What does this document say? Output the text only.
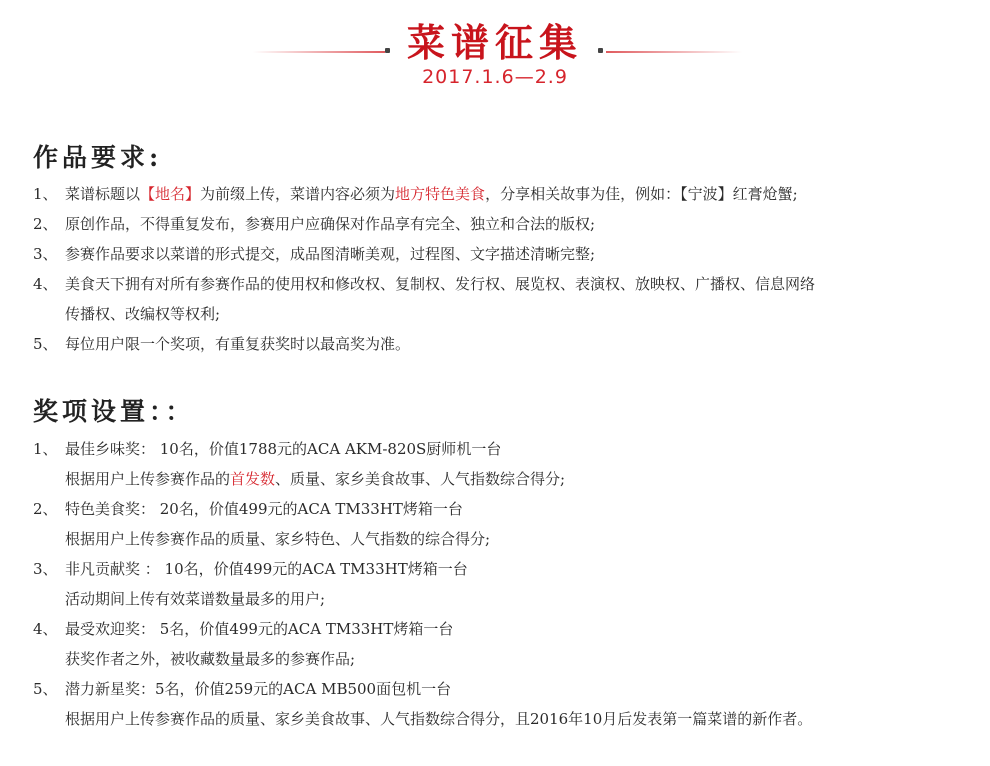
菜谱征集
2017.1.6—2.9
作品要求:
1、 菜谱标题以【地名】为前缀上传，菜谱内容必须为地方特色美食，分享相关故事为佳，例如：【宁波】红膏炝蟹;
2、 原创作品，不得重复发布，参赛用户应确保对作品享有完全、独立和合法的版权;
3、 参赛作品要求以菜谱的形式提交，成品图清晰美观，过程图、文字描述清晰完整;
4、 美食天下拥有对所有参赛作品的使用权和修改权、复制权、发行权、展览权、表演权、放映权、广播权、信息网络
传播权、改编权等权利;
5、 每位用户限一个奖项，有重复获奖时以最高奖为准。
奖项设置：：
1、 最佳乡味奖： 10名，价值1788元的ACA AKM-820S厨师机一台
根据用户上传参赛作品的首发数、质量、家乡美食故事、人气指数综合得分;
2、 特色美食奖： 20名，价值499元的ACA TM33HT烤箱一台
根据用户上传参赛作品的质量、家乡特色、人气指数的综合得分;
3、 非凡贡献奖 ： 10名，价值499元的ACA TM33HT烤箱一台
活动期间上传有效菜谱数量最多的用户;
4、 最受欢迎奖： 5名，价值499元的ACA TM33HT烤箱一台
获奖作者之外，被收藏数量最多的参赛作品;
5、 潜力新星奖：5名，价值259元的ACA MB500面包机一台
根据用户上传参赛作品的质量、家乡美食故事、人气指数综合得分，且2016年10月后发表第一篇菜谱的新作者。
